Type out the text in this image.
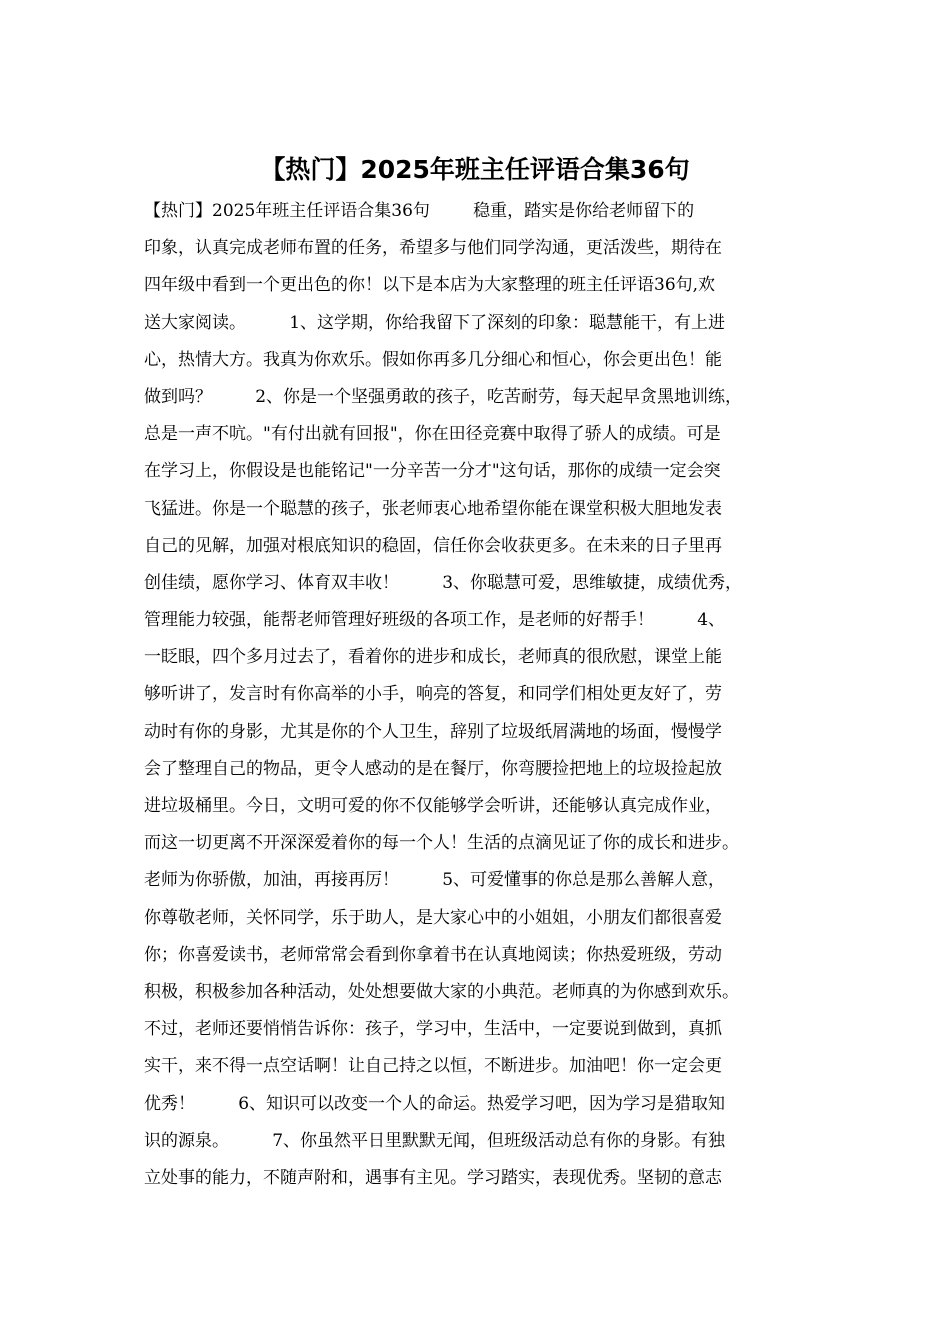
【热门】2025年班主任评语合集36句
【热门】2025年班主任评语合集36句        稳重，踏实是你给老师留下的
印象，认真完成老师布置的任务，希望多与他们同学沟通，更活泼些，期待在
四年级中看到一个更出色的你！以下是本店为大家整理的班主任评语36句,欢
送大家阅读。        1、这学期，你给我留下了深刻的印象：聪慧能干，有上进
心，热情大方。我真为你欢乐。假如你再多几分细心和恒心，你会更出色！能
做到吗？        2、你是一个坚强勇敢的孩子，吃苦耐劳，每天起早贪黑地训练，
总是一声不吭。"有付出就有回报"，你在田径竞赛中取得了骄人的成绩。可是
在学习上，你假设是也能铭记"一分辛苦一分才"这句话，那你的成绩一定会突
飞猛进。你是一个聪慧的孩子，张老师衷心地希望你能在课堂积极大胆地发表
自己的见解，加强对根底知识的稳固，信任你会收获更多。在未来的日子里再
创佳绩，愿你学习、体育双丰收！        3、你聪慧可爱，思维敏捷，成绩优秀，
管理能力较强，能帮老师管理好班级的各项工作，是老师的好帮手！        4、
一眨眼，四个多月过去了，看着你的进步和成长，老师真的很欣慰，课堂上能
够听讲了，发言时有你高举的小手，响亮的答复，和同学们相处更友好了，劳
动时有你的身影，尤其是你的个人卫生，辞别了垃圾纸屑满地的场面，慢慢学
会了整理自己的物品，更令人感动的是在餐厅，你弯腰捡把地上的垃圾捡起放
进垃圾桶里。今日，文明可爱的你不仅能够学会听讲，还能够认真完成作业，
而这一切更离不开深深爱着你的每一个人！生活的点滴见证了你的成长和进步。
老师为你骄傲，加油，再接再厉！        5、可爱懂事的你总是那么善解人意，
你尊敬老师，关怀同学，乐于助人，是大家心中的小姐姐，小朋友们都很喜爱
你；你喜爱读书，老师常常会看到你拿着书在认真地阅读；你热爱班级，劳动
积极，积极参加各种活动，处处想要做大家的小典范。老师真的为你感到欢乐。
不过，老师还要悄悄告诉你：孩子，学习中，生活中，一定要说到做到，真抓
实干，来不得一点空话啊！让自己持之以恒，不断进步。加油吧！你一定会更
优秀！        6、知识可以改变一个人的命运。热爱学习吧，因为学习是猎取知
识的源泉。        7、你虽然平日里默默无闻，但班级活动总有你的身影。有独
立处事的能力，不随声附和，遇事有主见。学习踏实，表现优秀。坚韧的意志
